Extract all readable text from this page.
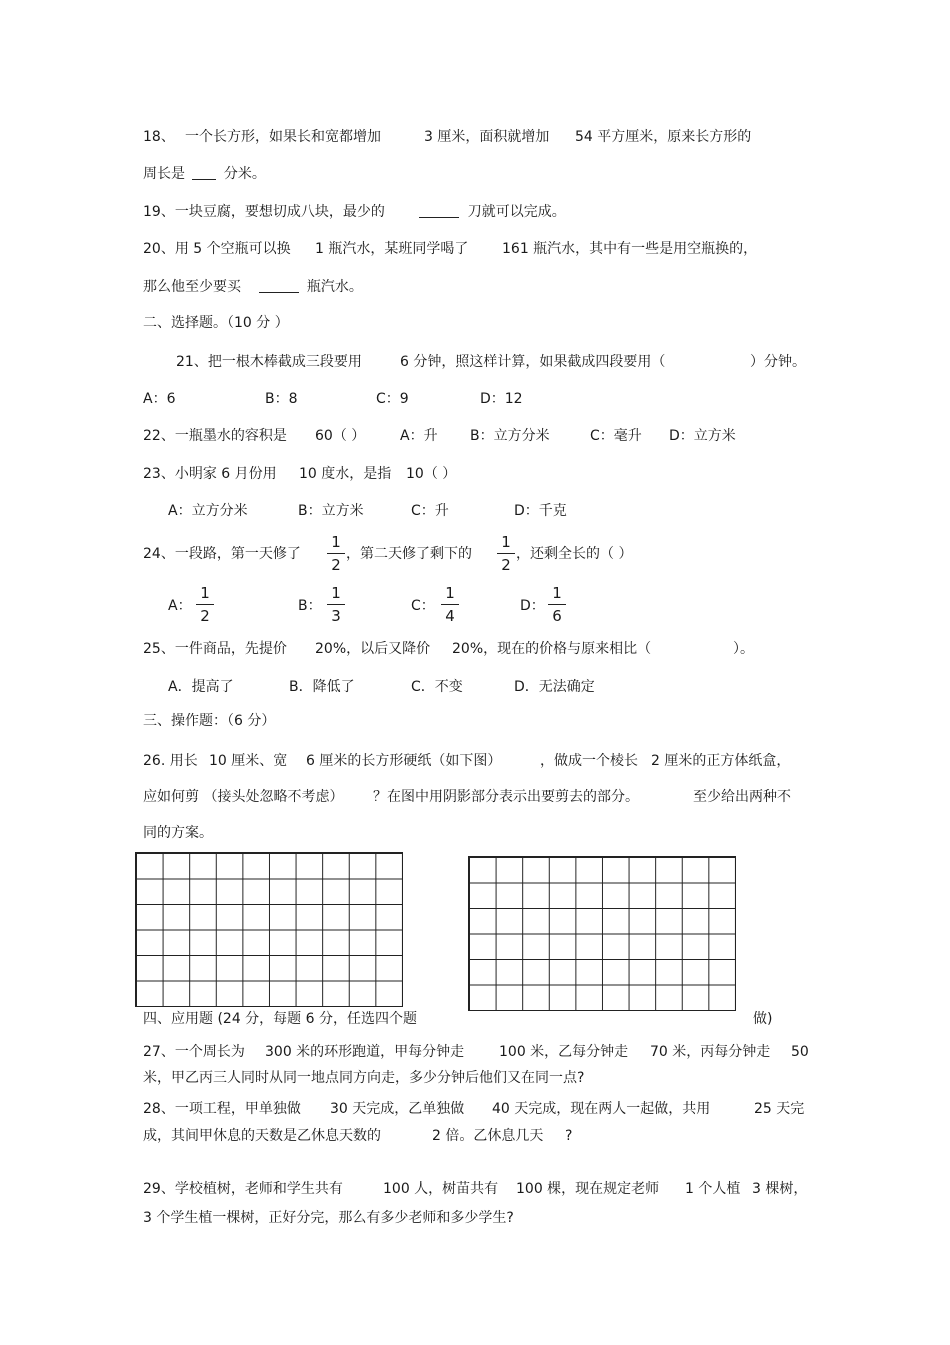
18、 一个长方形，如果长和宽都增加	3 厘米，面积就增加 54 平方厘米，原来长方形的
周长是	分米。
19、一块豆腐，要想切成八块，最少的	刀就可以完成。
20、用 5 个空瓶可以换 1 瓶汽水，某班同学喝了 161 瓶汽水，其中有一些是用空瓶换的，
那么他至少要买	瓶汽水。
二、选择题。（10 分 ）
21、把一根木棒截成三段要用	6 分钟，照这样计算，如果截成四段要用（	）分钟。
A：6	B：8	C：9	D：12
22、一瓶墨水的容积是 60（ ） A：升 B：立方分米	C：毫升 D：立方米
23、小明家 6 月份用 10 度水，是指 10（ ）
A：立方分米	B：立方米	C：升	D：千克
24、一段路，第一天修了 $\frac{1}{2}$ ，第二天修了剩下的 $\frac{1}{2}$ ，还剩全长的（ ）
A： $\frac{1}{2}$	B： $\frac{1}{3}$	C： $\frac{1}{4}$	D： $\frac{1}{6}$
25、一件商品，先提价 20%，以后又降价 20%，现在的价格与原来相比（	）。
A．提高了	B．降低了	C．不变	D．无法确定
三、操作题：（6 分）
26. 用长 10 厘米、宽 6 厘米的长方形硬纸（如下图）	，做成一个棱长 2 厘米的正方体纸盒，
应如何剪 （接头处忽略不考虑） ？在图中用阴影部分表示出要剪去的部分。	至少给出两种不
同的方案。
四、应用题 (24 分，每题 6 分，任选四个题	做)
27、一个周长为 300 米的环形跑道，甲每分钟走 100 米，乙每分钟走 70 米，丙每分钟走 50
米，甲乙丙三人同时从同一地点同方向走，多少分钟后他们又在同一点?
28、一项工程，甲单独做 30 天完成，乙单独做 40 天完成，现在两人一起做，共用	25 天完
成，其间甲休息的天数是乙休息天数的	2 倍。乙休息几天 ?
29、学校植树，老师和学生共有	100 人，树苗共有 100 棵，现在规定老师 1 个人植 3 棵树，
3 个学生植一棵树，正好分完，那么有多少老师和多少学生?
